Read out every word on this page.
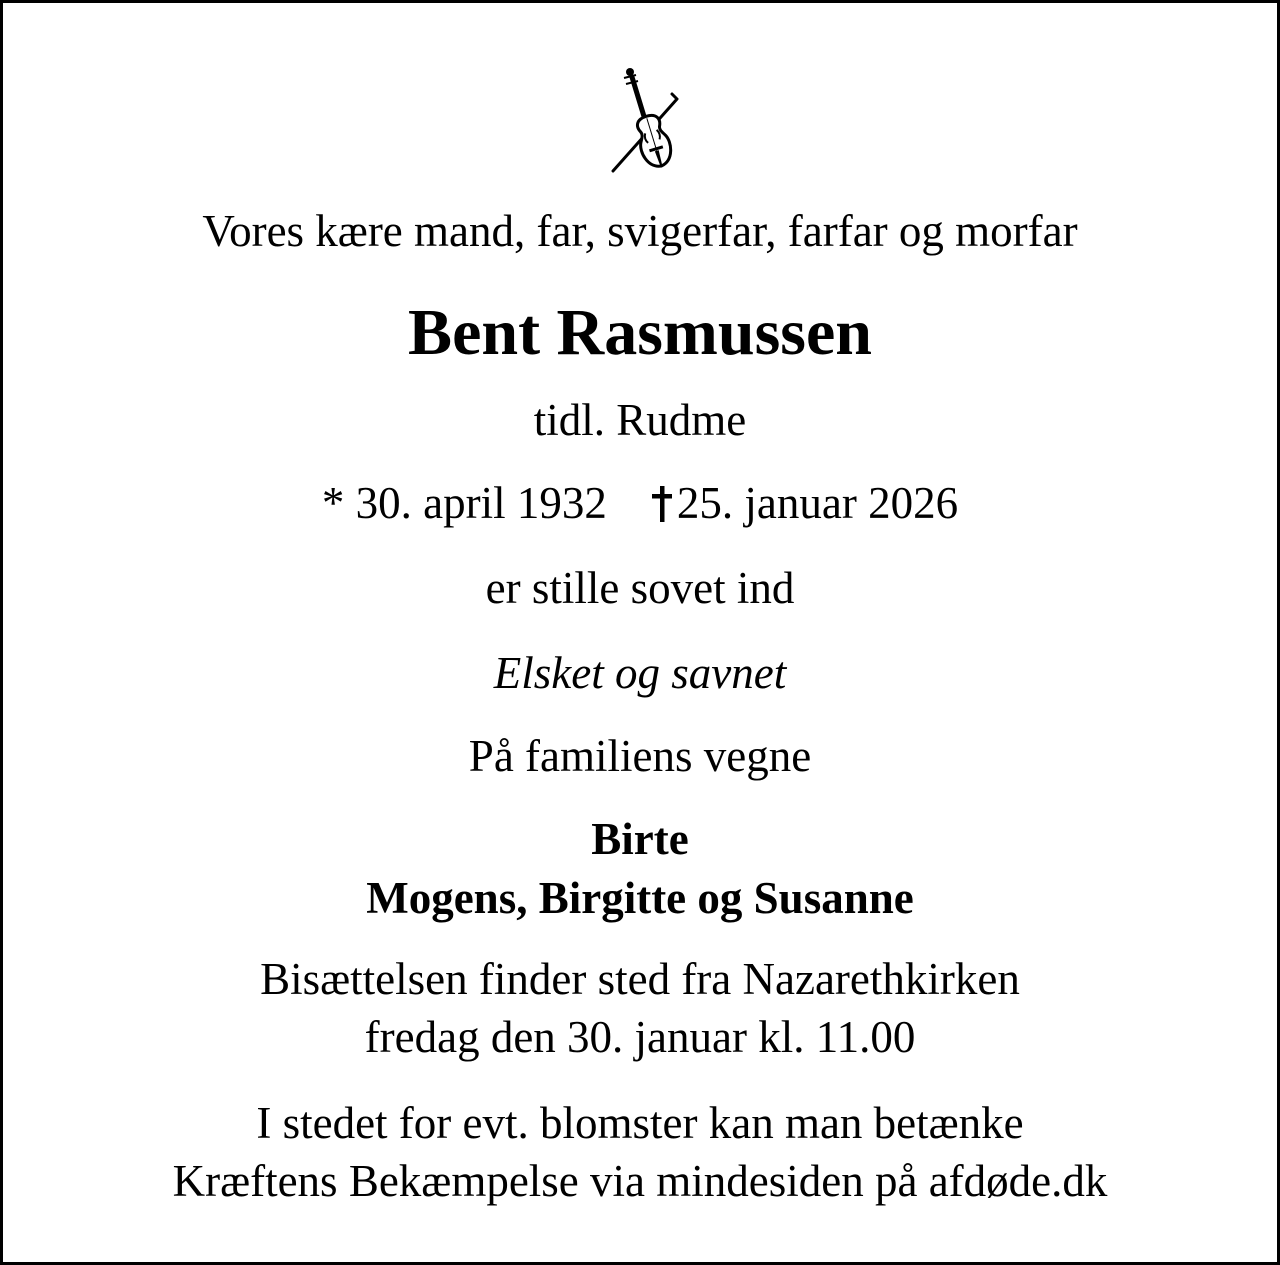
Vores kære mand, far, svigerfar, farfar og morfar
Bent Rasmussen
tidl. Rudme
* 30. april 1932 25. januar 2026
er stille sovet ind
Elsket og savnet
På familiens vegne
Birte
Mogens, Birgitte og Susanne
Bisættelsen finder sted fra Nazarethkirken
fredag den 30. januar kl. 11.00
I stedet for evt. blomster kan man betænke
Kræftens Bekæmpelse via mindesiden på afdøde.dk
